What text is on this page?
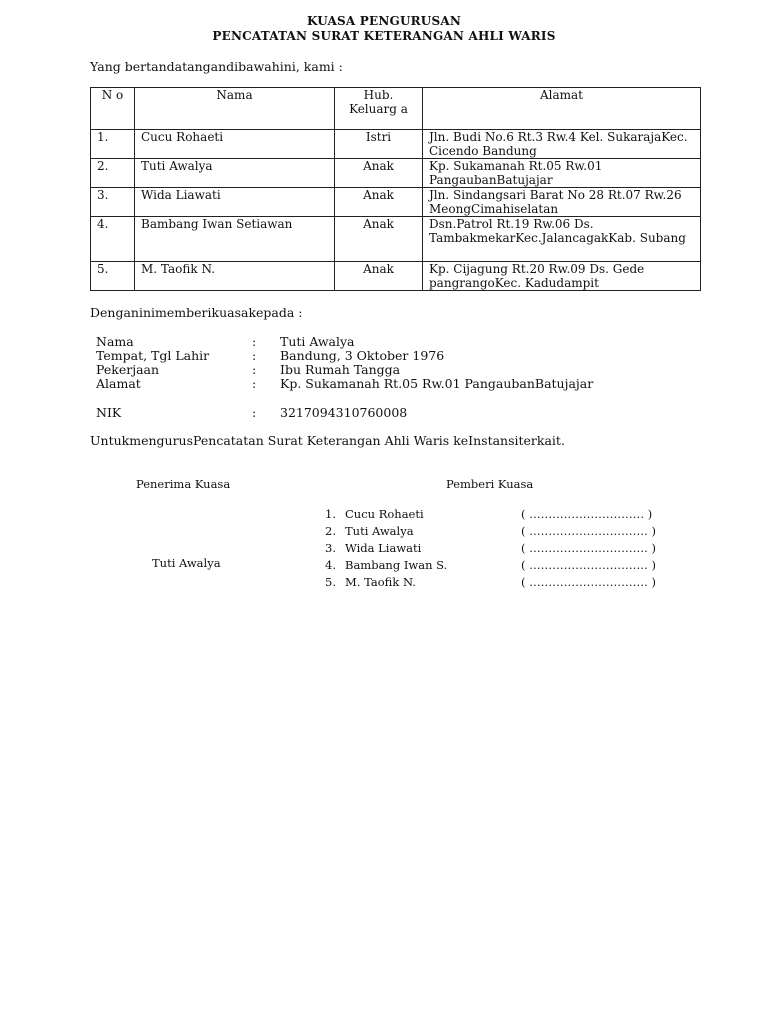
KUASA PENGURUSAN
PENCATATAN SURAT KETERANGAN AHLI WARIS
Yang bertandatangandibawahini, kami :
N o	Nama	Hub. Keluarg a	Alamat
1.	Cucu Rohaeti	Istri	Jln. Budi No.6 Rt.3 Rw.4 Kel. SukarajaKec. Cicendo Bandung
2.	Tuti Awalya	Anak	Kp. Sukamanah Rt.05 Rw.01 PangaubanBatujajar
3.	Wida Liawati	Anak	Jln. Sindangsari Barat No 28 Rt.07 Rw.26 MeongCimahiselatan
4.	Bambang Iwan Setiawan	Anak	Dsn.Patrol Rt.19 Rw.06 Ds. TambakmekarKec.JalancagakKab. Subang
5.	M. Taofik N.	Anak	Kp. Cijagung Rt.20 Rw.09 Ds. Gede pangrangoKec. Kadudampit
Denganinimemberikuasakepada :
Nama	: Tuti Awalya
Tempat, Tgl Lahir	: Bandung, 3 Oktober 1976
Pekerjaan	: Ibu Rumah Tangga
Alamat	: Kp. Sukamanah Rt.05 Rw.01 PangaubanBatujajar
NIK	: 3217094310760008
UntukmengurusPencatatan Surat Keterangan Ahli Waris keInstansiterkait.
Penerima Kuasa	Pemberi Kuasa
Tuti Awalya
1. Cucu Rohaeti	( ………………………… )
2. Tuti Awalya	( …………………………. )
3. Wida Liawati	( …………………………. )
4. Bambang Iwan S.	( …………………………. )
5. M. Taofik N.	( …………………………. )
